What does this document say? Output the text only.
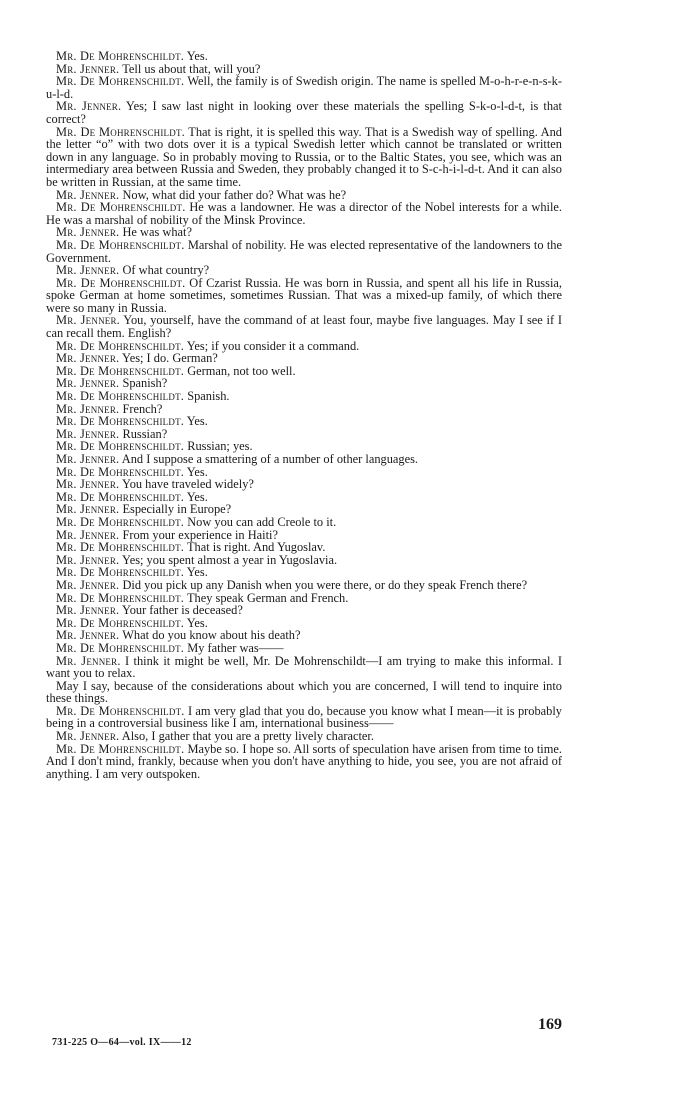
Mr. De Mohrenschildt. Yes.

Mr. Jenner. Tell us about that, will you?

Mr. De Mohrenschildt. Well, the family is of Swedish origin. The name is spelled M-o-h-r-e-n-s-k-u-l-d.

Mr. Jenner. Yes; I saw last night in looking over these materials the spelling S-k-o-l-d-t, is that correct?

Mr. De Mohrenschildt. That is right, it is spelled this way. That is a Swedish way of spelling. And the letter “o” with two dots over it is a typical Swedish letter which cannot be translated or written down in any language. So in probably moving to Russia, or to the Baltic States, you see, which was an intermediary area between Russia and Sweden, they probably changed it to S-c-h-i-l-d-t. And it can also be written in Russian, at the same time.

Mr. Jenner. Now, what did your father do? What was he?

Mr. De Mohrenschildt. He was a landowner. He was a director of the Nobel interests for a while. He was a marshal of nobility of the Minsk Province.

Mr. Jenner. He was what?

Mr. De Mohrenschildt. Marshal of nobility. He was elected representative of the landowners to the Government.

Mr. Jenner. Of what country?

Mr. De Mohrenschildt. Of Czarist Russia. He was born in Russia, and spent all his life in Russia, spoke German at home sometimes, sometimes Russian. That was a mixed-up family, of which there were so many in Russia.

Mr. Jenner. You, yourself, have the command of at least four, maybe five languages. May I see if I can recall them. English?

Mr. De Mohrenschildt. Yes; if you consider it a command.

Mr. Jenner. Yes; I do. German?

Mr. De Mohrenschildt. German, not too well.

Mr. Jenner. Spanish?

Mr. De Mohrenschildt. Spanish.

Mr. Jenner. French?

Mr. De Mohrenschildt. Yes.

Mr. Jenner. Russian?

Mr. De Mohrenschildt. Russian; yes.

Mr. Jenner. And I suppose a smattering of a number of other languages.

Mr. De Mohrenschildt. Yes.

Mr. Jenner. You have traveled widely?

Mr. De Mohrenschildt. Yes.

Mr. Jenner. Especially in Europe?

Mr. De Mohrenschildt. Now you can add Creole to it.

Mr. Jenner. From your experience in Haiti?

Mr. De Mohrenschildt. That is right. And Yugoslav.

Mr. Jenner. Yes; you spent almost a year in Yugoslavia.

Mr. De Mohrenschildt. Yes.

Mr. Jenner. Did you pick up any Danish when you were there, or do they speak French there?

Mr. De Mohrenschildt. They speak German and French.

Mr. Jenner. Your father is deceased?

Mr. De Mohrenschildt. Yes.

Mr. Jenner. What do you know about his death?

Mr. De Mohrenschildt. My father was——

Mr. Jenner. I think it might be well, Mr. De Mohrenschildt—I am trying to make this informal. I want you to relax.

May I say, because of the considerations about which you are concerned, I will tend to inquire into these things.

Mr. De Mohrenschildt. I am very glad that you do, because you know what I mean—it is probably being in a controversial business like I am, international business——

Mr. Jenner. Also, I gather that you are a pretty lively character.

Mr. De Mohrenschildt. Maybe so. I hope so. All sorts of speculation have arisen from time to time. And I don't mind, frankly, because when you don't have anything to hide, you see, you are not afraid of anything. I am very outspoken.

169
731-225 O—64—vol. IX——12
